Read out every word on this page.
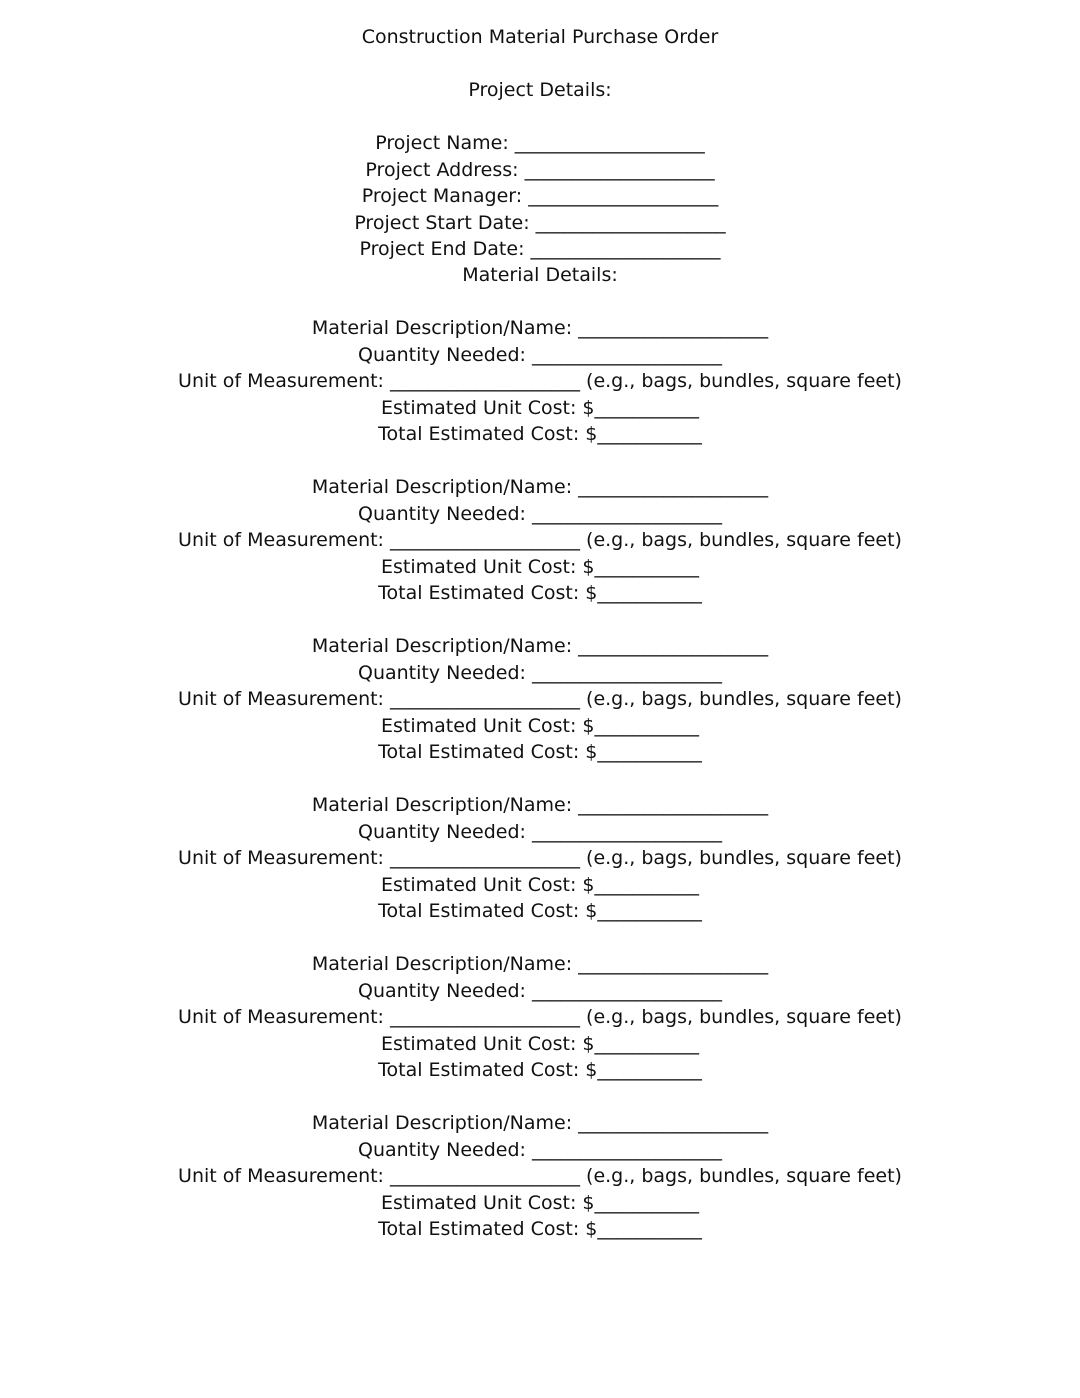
Construction Material Purchase Order
Project Details:
Project Name: ____________________
Project Address: ____________________
Project Manager: ____________________
Project Start Date: ____________________
Project End Date: ____________________
Material Details:
Material Description/Name: ____________________
Quantity Needed: ____________________
Unit of Measurement: ____________________ (e.g., bags, bundles, square feet)
Estimated Unit Cost: $___________
Total Estimated Cost: $___________
Material Description/Name: ____________________
Quantity Needed: ____________________
Unit of Measurement: ____________________ (e.g., bags, bundles, square feet)
Estimated Unit Cost: $___________
Total Estimated Cost: $___________
Material Description/Name: ____________________
Quantity Needed: ____________________
Unit of Measurement: ____________________ (e.g., bags, bundles, square feet)
Estimated Unit Cost: $___________
Total Estimated Cost: $___________
Material Description/Name: ____________________
Quantity Needed: ____________________
Unit of Measurement: ____________________ (e.g., bags, bundles, square feet)
Estimated Unit Cost: $___________
Total Estimated Cost: $___________
Material Description/Name: ____________________
Quantity Needed: ____________________
Unit of Measurement: ____________________ (e.g., bags, bundles, square feet)
Estimated Unit Cost: $___________
Total Estimated Cost: $___________
Material Description/Name: ____________________
Quantity Needed: ____________________
Unit of Measurement: ____________________ (e.g., bags, bundles, square feet)
Estimated Unit Cost: $___________
Total Estimated Cost: $___________
